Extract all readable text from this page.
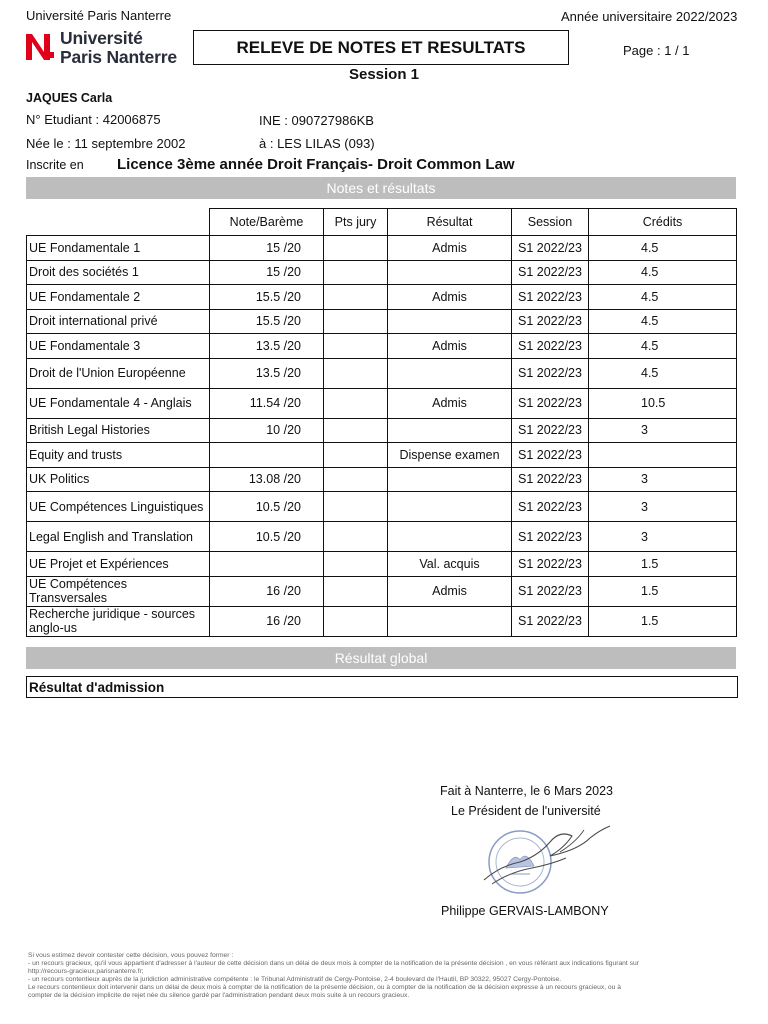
Université Paris Nanterre	Année universitaire 2022/2023
Université
Paris Nanterre	RELEVE DE NOTES ET RESULTATS	Page : 1 / 1
Session 1
JAQUES Carla
N° Etudiant : 42006875	INE : 090727986KB
Née le : 11 septembre 2002	à : LES LILAS (093)
Inscrite en Licence 3ème année Droit Français- Droit Common Law
Notes et résultats
	Note/Barème	Pts jury	Résultat	Session	Crédits
UE Fondamentale 1	15 /20		Admis	S1 2022/23	4.5
Droit des sociétés 1	15 /20			S1 2022/23	4.5
UE Fondamentale 2	15.5 /20		Admis	S1 2022/23	4.5
Droit international privé	15.5 /20			S1 2022/23	4.5
UE Fondamentale 3	13.5 /20		Admis	S1 2022/23	4.5
Droit de l'Union Européenne	13.5 /20			S1 2022/23	4.5
UE Fondamentale 4 - Anglais	11.54 /20		Admis	S1 2022/23	10.5
British Legal Histories	10 /20			S1 2022/23	3
Equity and trusts			Dispense examen	S1 2022/23	
UK Politics	13.08 /20			S1 2022/23	3
UE Compétences Linguistiques	10.5 /20			S1 2022/23	3
Legal English and Translation	10.5 /20			S1 2022/23	3
UE Projet et Expériences			Val. acquis	S1 2022/23	1.5
UE Compétences Transversales	16 /20		Admis	S1 2022/23	1.5
Recherche juridique - sources anglo-us	16 /20			S1 2022/23	1.5
Résultat global
Résultat d'admission
Fait à Nanterre, le 6 Mars 2023
Le Président de l'université
Philippe GERVAIS-LAMBONY
Si vous estimez devoir contester cette décision, vous pouvez former :
- un recours gracieux, qu'il vous appartient d'adresser à l'auteur de cette décision dans un délai de deux mois à compter de la notification de la présente décision , en vous référant aux indications figurant sur
http://recours-gracieux.parisnanterre.fr;
- un recours contentieux auprès de la juridiction administrative compétente : le Tribunal Administratif de Cergy-Pontoise, 2-4 boulevard de l'Hautil, BP 30322, 95027 Cergy-Pontoise.
Le recours contentieux doit intervenir dans un délai de deux mois à compter de la notification de la présente décision, ou à compter de la notification de la décision expresse à un recours gracieux, ou à
compter de la décision implicite de rejet née du silence gardé par l'administration pendant deux mois suite à un recours gracieux.
